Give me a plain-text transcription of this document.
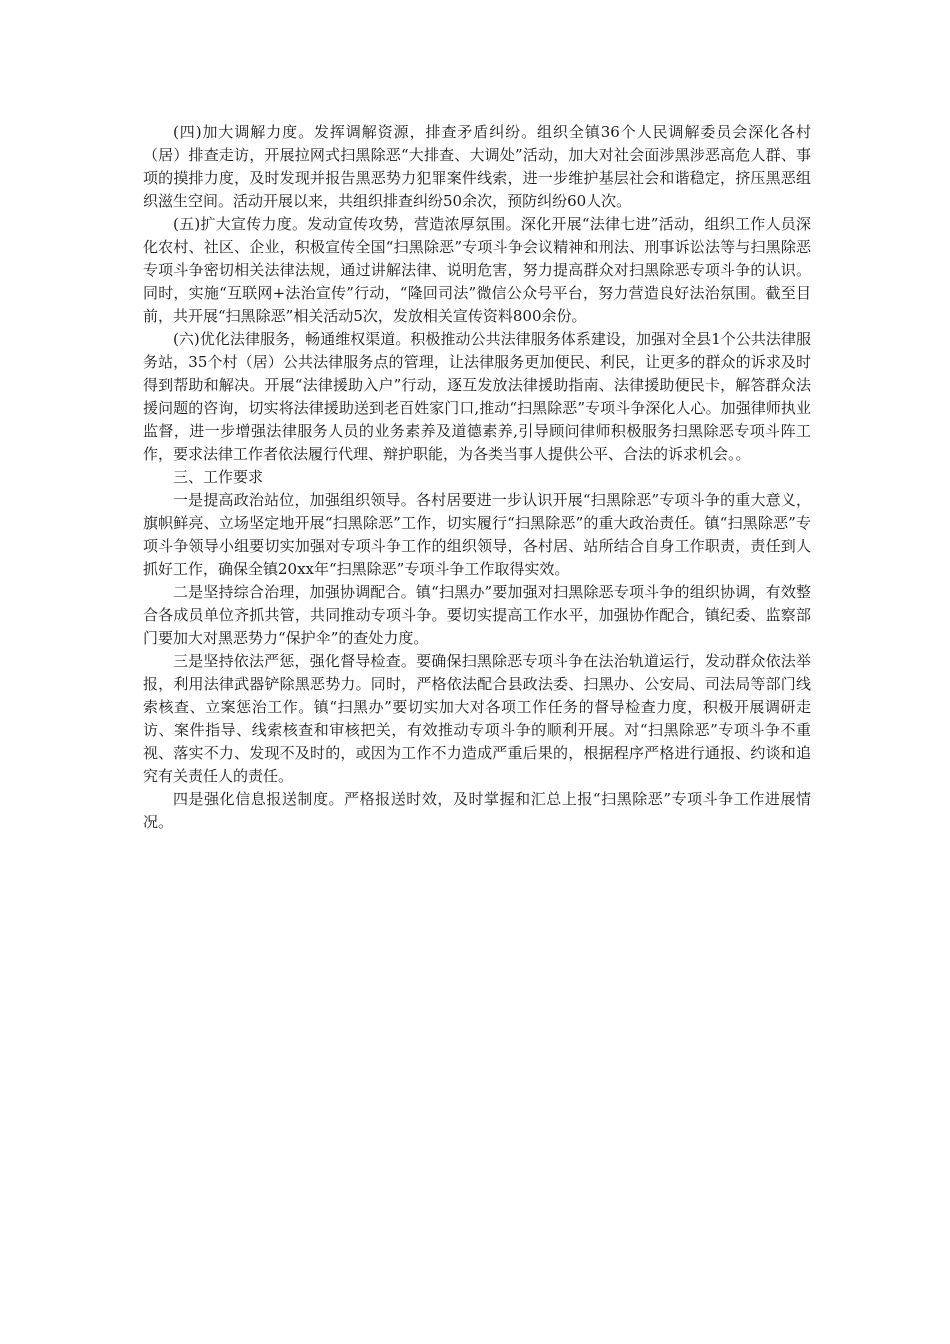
(四)加大调解力度。发挥调解资源，排查矛盾纠纷。组织全镇36个人民调解委员会深化各村（居）排查走访，开展拉网式扫黑除恶“大排查、大调处”活动，加大对社会面涉黑涉恶高危人群、事项的摸排力度，及时发现并报告黑恶势力犯罪案件线索，进一步维护基层社会和谐稳定，挤压黑恶组织滋生空间。活动开展以来，共组织排查纠纷50余次，预防纠纷60人次。

(五)扩大宣传力度。发动宣传攻势，营造浓厚氛围。深化开展“法律七进”活动，组织工作人员深化农村、社区、企业，积极宣传全国“扫黑除恶”专项斗争会议精神和刑法、刑事诉讼法等与扫黑除恶专项斗争密切相关法律法规，通过讲解法律、说明危害，努力提高群众对扫黑除恶专项斗争的认识。同时，实施“互联网+法治宣传”行动，“隆回司法”微信公众号平台，努力营造良好法治氛围。截至目前，共开展“扫黑除恶”相关活动5次，发放相关宣传资料800余份。

(六)优化法律服务，畅通维权渠道。积极推动公共法律服务体系建设，加强对全县1个公共法律服务站，35个村（居）公共法律服务点的管理，让法律服务更加便民、利民，让更多的群众的诉求及时得到帮助和解决。开展“法律援助入户”行动，逐互发放法律援助指南、法律援助便民卡，解答群众法援问题的咨询，切实将法律援助送到老百姓家门口,推动“扫黑除恶”专项斗争深化人心。加强律师执业监督，进一步增强法律服务人员的业务素养及道德素养,引导顾问律师积极服务扫黑除恶专项斗阵工作，要求法律工作者依法履行代理、辩护职能，为各类当事人提供公平、合法的诉求机会。。

三、工作要求

一是提高政治站位，加强组织领导。各村居要进一步认识开展“扫黑除恶”专项斗争的重大意义，旗帜鲜亮、立场坚定地开展“扫黑除恶”工作，切实履行“扫黑除恶”的重大政治责任。镇“扫黑除恶”专项斗争领导小组要切实加强对专项斗争工作的组织领导，各村居、站所结合自身工作职责，责任到人抓好工作，确保全镇20xx年“扫黑除恶”专项斗争工作取得实效。

二是坚持综合治理，加强协调配合。镇“扫黑办”要加强对扫黑除恶专项斗争的组织协调，有效整合各成员单位齐抓共管，共同推动专项斗争。要切实提高工作水平，加强协作配合，镇纪委、监察部门要加大对黑恶势力“保护伞”的查处力度。

三是坚持依法严惩，强化督导检查。要确保扫黑除恶专项斗争在法治轨道运行，发动群众依法举报，利用法律武器铲除黑恶势力。同时，严格依法配合县政法委、扫黑办、公安局、司法局等部门线索核查、立案惩治工作。镇“扫黑办”要切实加大对各项工作任务的督导检查力度，积极开展调研走访、案件指导、线索核查和审核把关，有效推动专项斗争的顺利开展。对“扫黑除恶”专项斗争不重视、落实不力、发现不及时的，或因为工作不力造成严重后果的，根据程序严格进行通报、约谈和追究有关责任人的责任。

四是强化信息报送制度。严格报送时效，及时掌握和汇总上报“扫黑除恶”专项斗争工作进展情况。
